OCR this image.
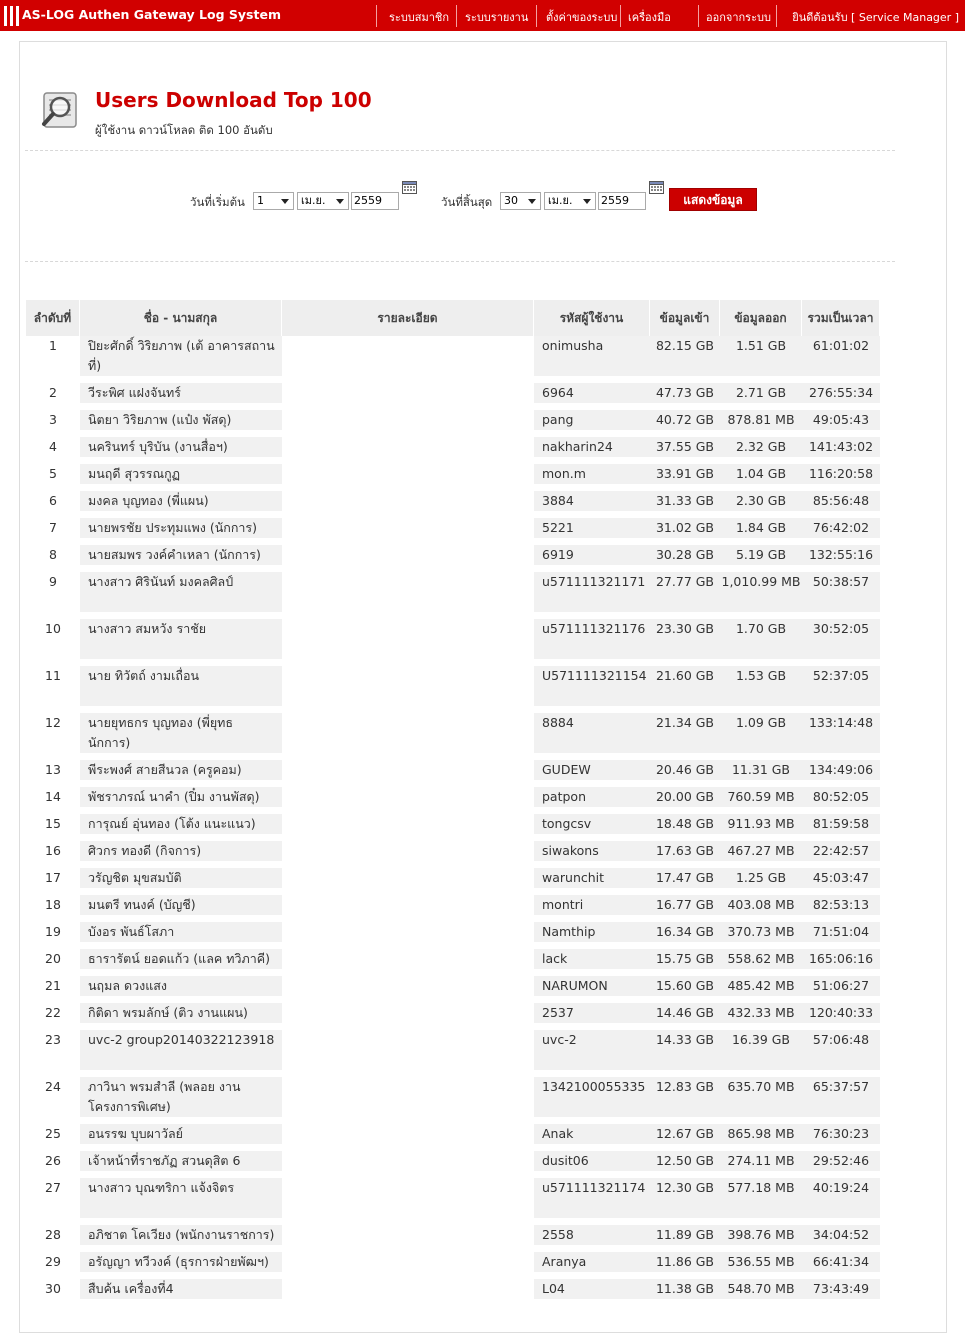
AS-LOG Authen Gateway Log System	ระบบสมาชิก ระบบรายงาน ตั้งค่าของระบบ เครื่องมือ	ออกจากระบบ ยินดีต้อนรับ [ Service Manager ]
Users Download Top 100
ผู้ใช้งาน ดาวน์โหลด ติด 100 อันดับ
วันที่เริ่มต้น	1	เม.ย.	2559	วันที่สิ้นสุด	30	เม.ย.	2559	แสดงข้อมูล
ลำดับที่	ชื่อ - นามสกุล	รายละเอียด	รหัสผู้ใช้งาน	ข้อมูลเข้า	ข้อมูลออก	รวมเป็นเวลา
1	ปิยะศักดิ์ วิริยภาพ (เต้ อาคารสถานที่)		onimusha	82.15 GB	1.51 GB	61:01:02
2	วีระพิศ แฝงจันทร์		6964	47.73 GB	2.71 GB	276:55:34
3	นิตยา วิริยภาพ (แป๋ง พัสดุ)		pang	40.72 GB	878.81 MB	49:05:43
4	นครินทร์ บุริบัน (งานสื่อฯ)		nakharin24	37.55 GB	2.32 GB	141:43:02
5	มนฤดี สุวรรณกูฏ		mon.m	33.91 GB	1.04 GB	116:20:58
6	มงคล บุญทอง (พี่แผน)		3884	31.33 GB	2.30 GB	85:56:48
7	นายพรชัย ประทุมแพง (นักการ)		5221	31.02 GB	1.84 GB	76:42:02
8	นายสมพร วงค์คำเหลา (นักการ)		6919	30.28 GB	5.19 GB	132:55:16
9	นางสาว ศิรินันท์ มงคลศิลป์		u571111321171	27.77 GB	1,010.99 MB	50:38:57
10	นางสาว สมหวัง ราชัย		u571111321176	23.30 GB	1.70 GB	30:52:05
11	นาย ทิวัตถ์ งามเถื่อน		U571111321154	21.60 GB	1.53 GB	52:37:05
12	นายยุทธกร บุญทอง (พี่ยุทธ นักการ)		8884	21.34 GB	1.09 GB	133:14:48
13	พีระพงศ์ สายสีนวล (ครูคอม)		GUDEW	20.46 GB	11.31 GB	134:49:06
14	พัชราภรณ์ นาคำ (ปิ๋ม งานพัสดุ)		patpon	20.00 GB	760.59 MB	80:52:05
15	การุณย์ อุ่นทอง (โต้ง แนะแนว)		tongcsv	18.48 GB	911.93 MB	81:59:58
16	ศิวกร ทองดี (กิจการ)		siwakons	17.63 GB	467.27 MB	22:42:57
17	วรัญชิต มุขสมบัติ		warunchit	17.47 GB	1.25 GB	45:03:47
18	มนตรี ทนงค์ (บัญชี)		montri	16.77 GB	403.08 MB	82:53:13
19	บังอร พันธ์โสภา		Namthip	16.34 GB	370.73 MB	71:51:04
20	ธารารัตน์ ยอดแก้ว (แลค ทวิภาคี)		lack	15.75 GB	558.62 MB	165:06:16
21	นฤมล ดวงแสง		NARUMON	15.60 GB	485.42 MB	51:06:27
22	กิติดา พรมลักษ์ (ติว งานแผน)		2537	14.46 GB	432.33 MB	120:40:33
23	uvc-2 group20140322123918		uvc-2	14.33 GB	16.39 GB	57:06:48
24	ภาวินา พรมสำลี (พลอย งานโครงการพิเศษ)		1342100055335	12.83 GB	635.70 MB	65:37:57
25	อนรรฆ บุบผาวัลย์		Anak	12.67 GB	865.98 MB	76:30:23
26	เจ้าหน้าที่ราชภัฏ สวนดุสิต 6		dusit06	12.50 GB	274.11 MB	29:52:46
27	นางสาว บุณฑริกา แจ้งจิตร		u571111321174	12.30 GB	577.18 MB	40:19:24
28	อภิชาต โคเวียง (พนักงานราชการ)		2558	11.89 GB	398.76 MB	34:04:52
29	อรัญญา ทวีวงค์ (ธุรการฝ่ายพัฒฯ)		Aranya	11.86 GB	536.55 MB	66:41:34
30	สืบค้น เครื่องที่4		L04	11.38 GB	548.70 MB	73:43:49
